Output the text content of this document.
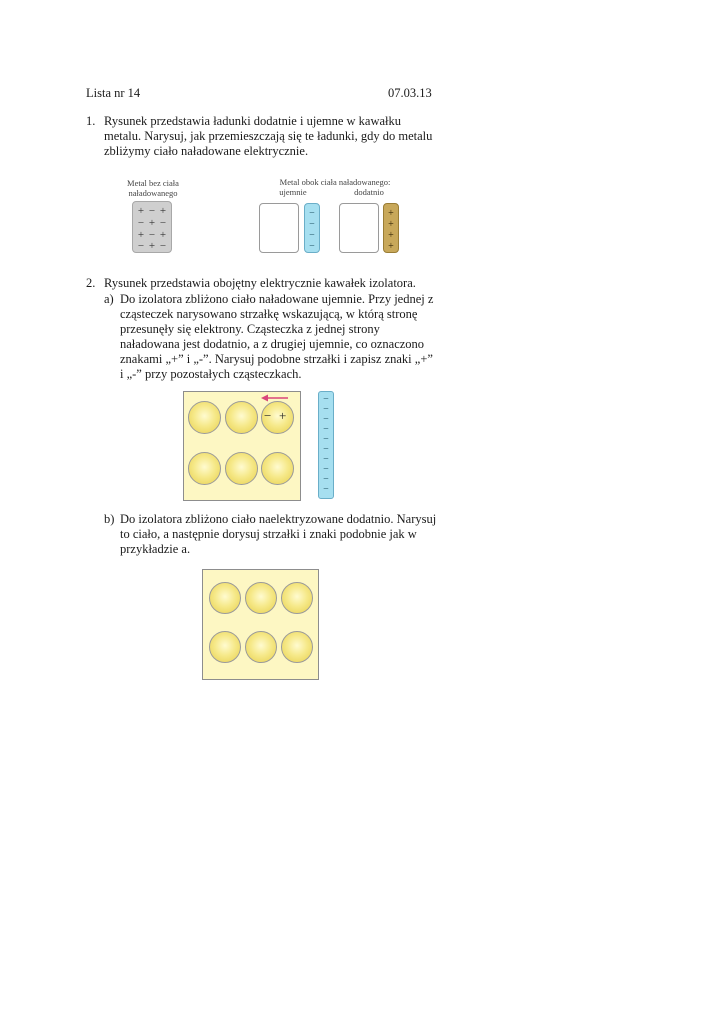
Lista nr 14	07.03.13
1. Rysunek przedstawia ładunki dodatnie i ujemne w kawałku
metalu. Narysuj, jak przemieszczają się te ładunki, gdy do metalu
zbliżymy ciało naładowane elektrycznie.
Metal bez ciała
naładowanego
+ − +
− + −
+ − +
− + −
Metal obok ciała naładowanego:
ujemnie	dodatnio
−
−
−
−
+
+
+
+
2. Rysunek przedstawia obojętny elektrycznie kawałek izolatora.
a) Do izolatora zbliżono ciało naładowane ujemnie. Przy jednej z
cząsteczek narysowano strzałkę wskazującą, w którą stronę
przesunęły się elektrony. Cząsteczka z jednej strony
naładowana jest dodatnio, a z drugiej ujemnie, co oznaczono
znakami „+” i „-”. Narysuj podobne strzałki i zapisz znaki „+”
i „-” przy pozostałych cząsteczkach.
− +
−
−
−
−
−
−
−
−
−
−
b) Do izolatora zbliżono ciało naelektryzowane dodatnio. Narysuj
to ciało, a następnie dorysuj strzałki i znaki podobnie jak w
przykładzie a.
